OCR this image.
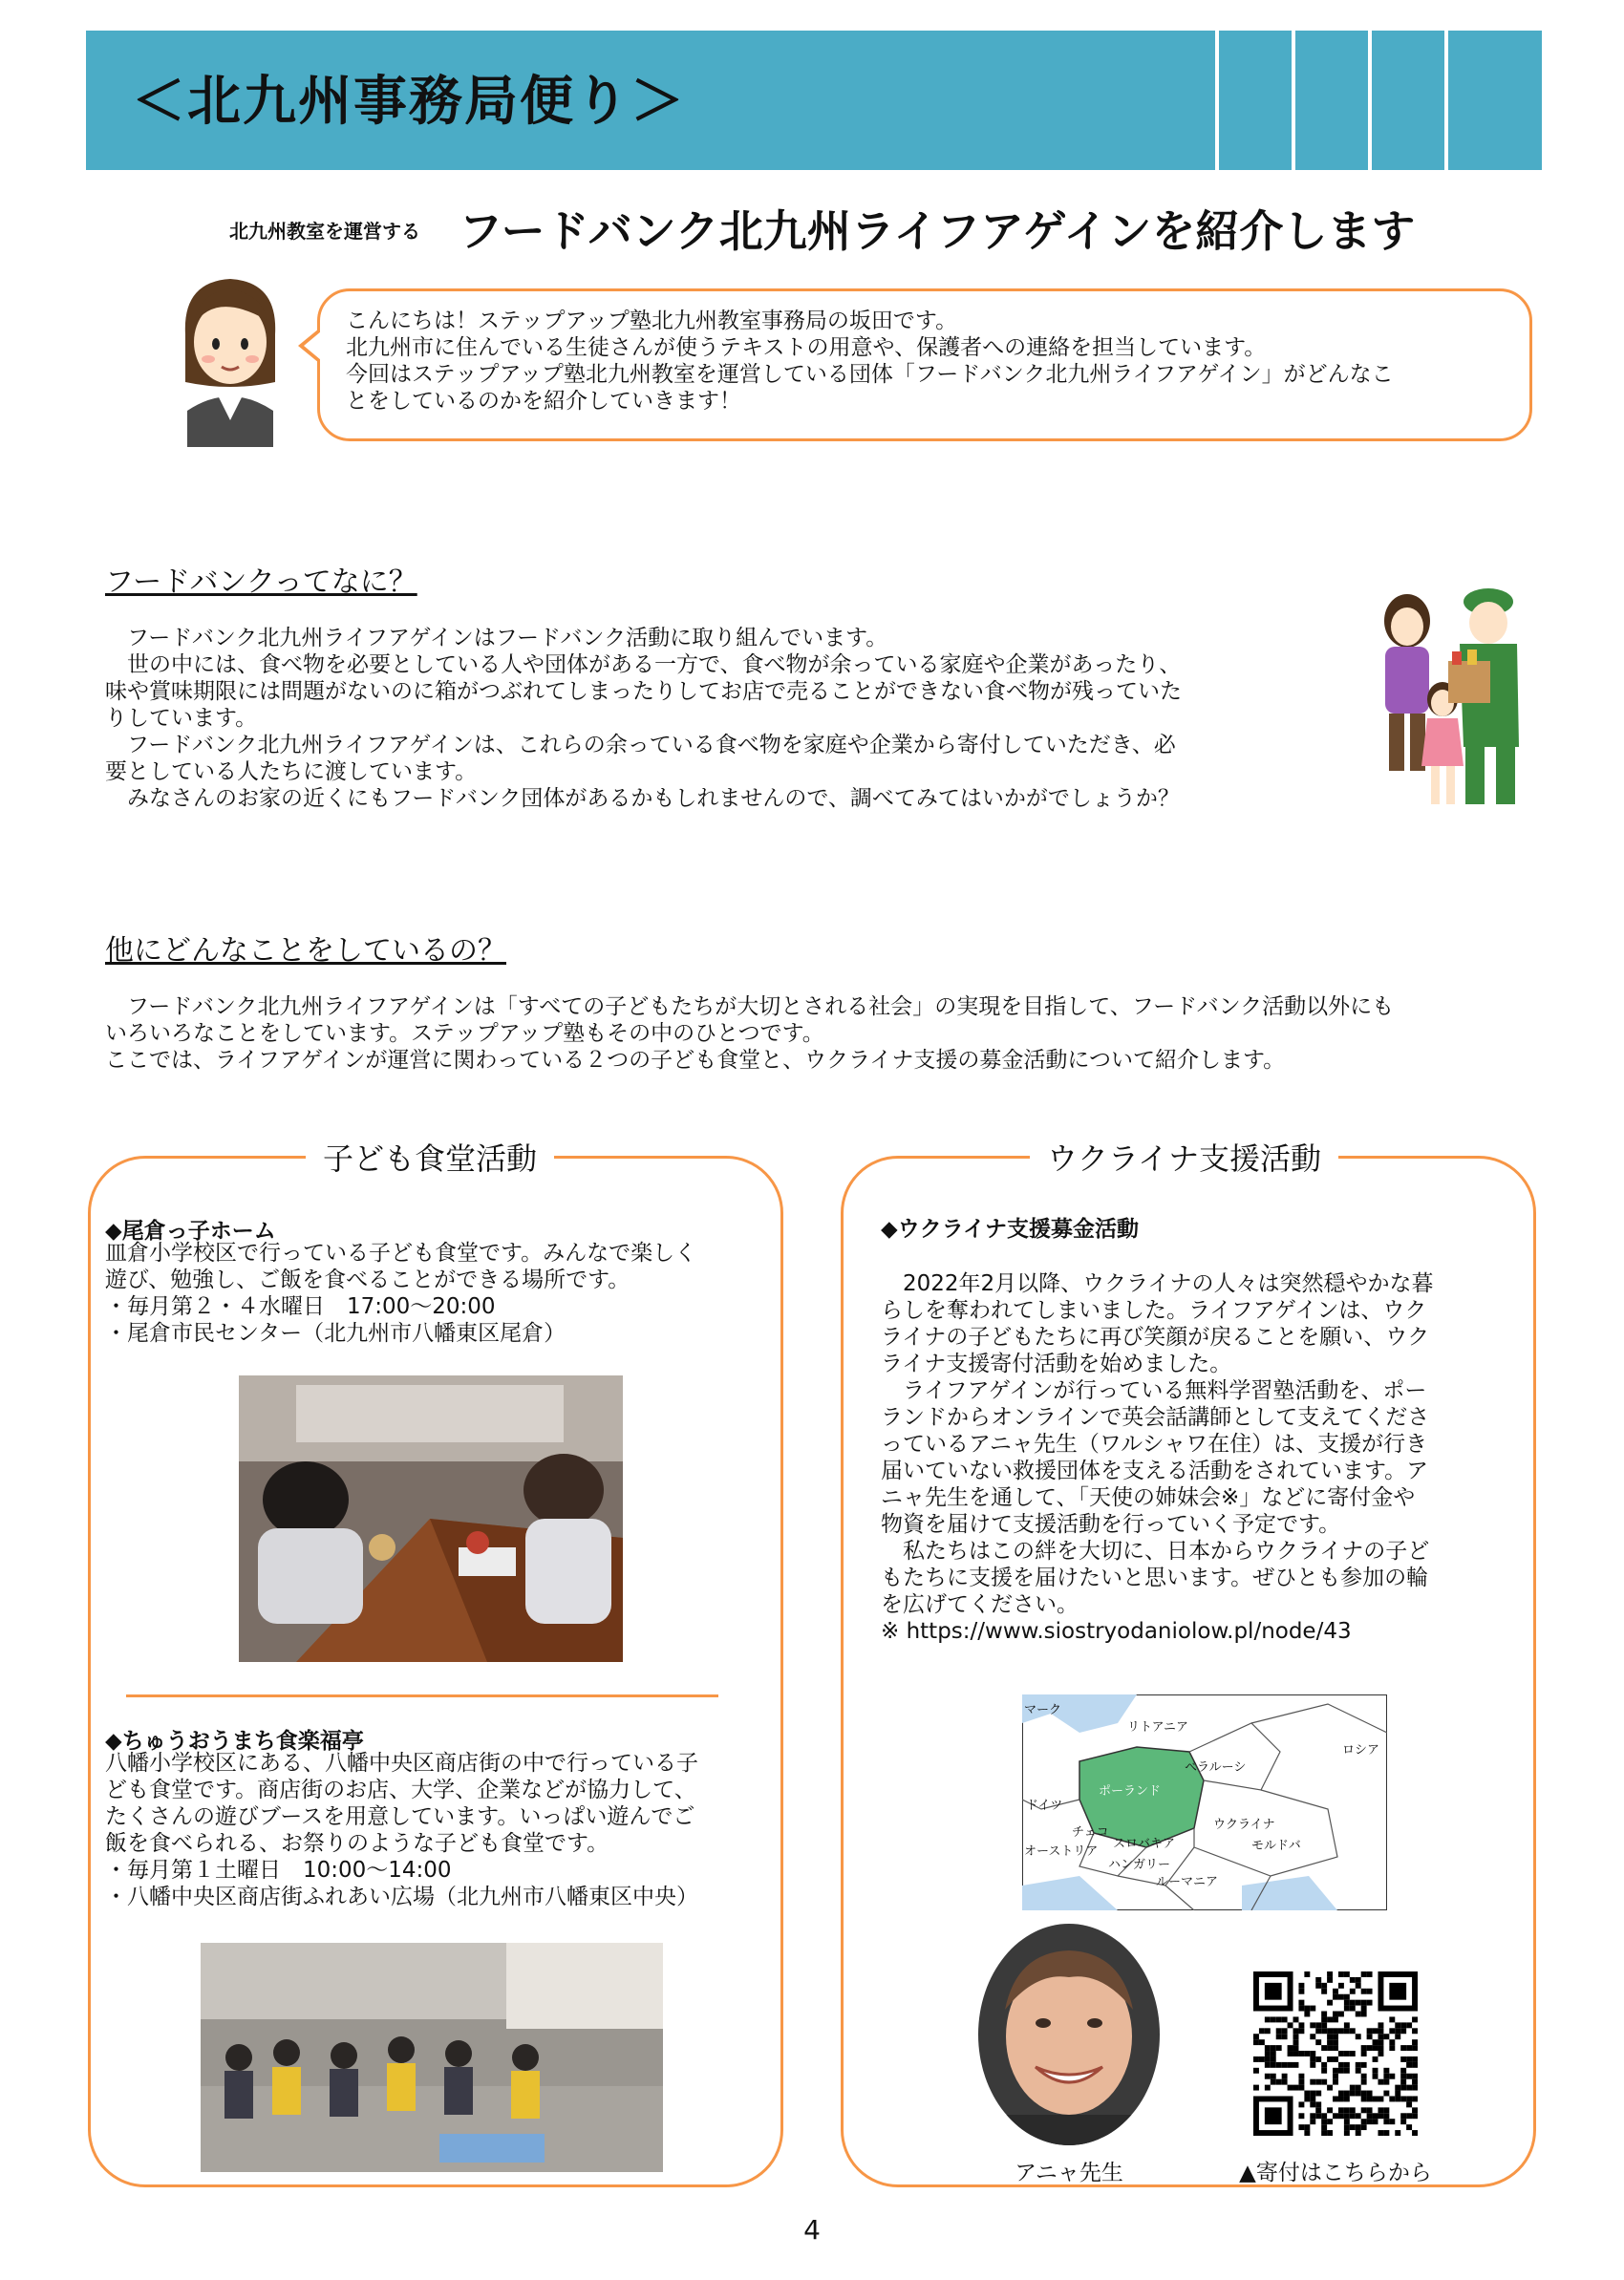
＜北九州事務局便り＞
北九州教室を運営する フードバンク北九州ライフアゲインを紹介します
こんにちは！ステップアップ塾北九州教室事務局の坂田です。
北九州市に住んでいる生徒さんが使うテキストの用意や、保護者への連絡を担当しています。
今回はステップアップ塾北九州教室を運営している団体「フードバンク北九州ライフアゲイン」がどんなこ
とをしているのかを紹介していきます！
フードバンクってなに？
　フードバンク北九州ライフアゲインはフードバンク活動に取り組んでいます。
　世の中には、食べ物を必要としている人や団体がある一方で、食べ物が余っている家庭や企業があったり、
味や賞味期限には問題がないのに箱がつぶれてしまったりしてお店で売ることができない食べ物が残っていた
りしています。
　フードバンク北九州ライフアゲインは、これらの余っている食べ物を家庭や企業から寄付していただき、必
要としている人たちに渡しています。
　みなさんのお家の近くにもフードバンク団体があるかもしれませんので、調べてみてはいかがでしょうか？
他にどんなことをしているの？
　フードバンク北九州ライフアゲインは「すべての子どもたちが大切とされる社会」の実現を目指して、フードバンク活動以外にも
いろいろなことをしています。ステップアップ塾もその中のひとつです。
ここでは、ライフアゲインが運営に関わっている２つの子ども食堂と、ウクライナ支援の募金活動について紹介します。
子ども食堂活動
◆尾倉っ子ホーム
皿倉小学校区で行っている子ども食堂です。みんなで楽しく
遊び、勉強し、ご飯を食べることができる場所です。
・毎月第２・４水曜日　17:00～20:00
・尾倉市民センター（北九州市八幡東区尾倉）
◆ちゅうおうまち食楽福亭
八幡小学校区にある、八幡中央区商店街の中で行っている子
ども食堂です。商店街のお店、大学、企業などが協力して、
たくさんの遊びブースを用意しています。いっぱい遊んでご
飯を食べられる、お祭りのような子ども食堂です。
・毎月第１土曜日　10:00～14:00
・八幡中央区商店街ふれあい広場（北九州市八幡東区中央）
ウクライナ支援活動
◆ウクライナ支援募金活動
　2022年2月以降、ウクライナの人々は突然穏やかな暮
らしを奪われてしまいました。ライフアゲインは、ウク
ライナの子どもたちに再び笑顔が戻ることを願い、ウク
ライナ支援寄付活動を始めました。
　ライフアゲインが行っている無料学習塾活動を、ポー
ランドからオンラインで英会話講師として支えてくださ
っているアニャ先生（ワルシャワ在住）は、支援が行き
届いていない救援団体を支える活動をされています。ア
ニャ先生を通して、「天使の姉妹会※」などに寄付金や
物資を届けて支援活動を行っていく予定です。
　私たちはこの絆を大切に、日本からウクライナの子ど
もたちに支援を届けたいと思います。ぜひとも参加の輪
を広げてください。
※ https://www.siostryodaniolow.pl/node/43
マーク
リトアニア
ロシア
ベラルーシ
ポーランド
ドイツ
チェコ
ウクライナ
スロバキア	モルドバ
オーストリア
ハンガリー
ルーマニア
アニャ先生	▲寄付はこちらから
4
